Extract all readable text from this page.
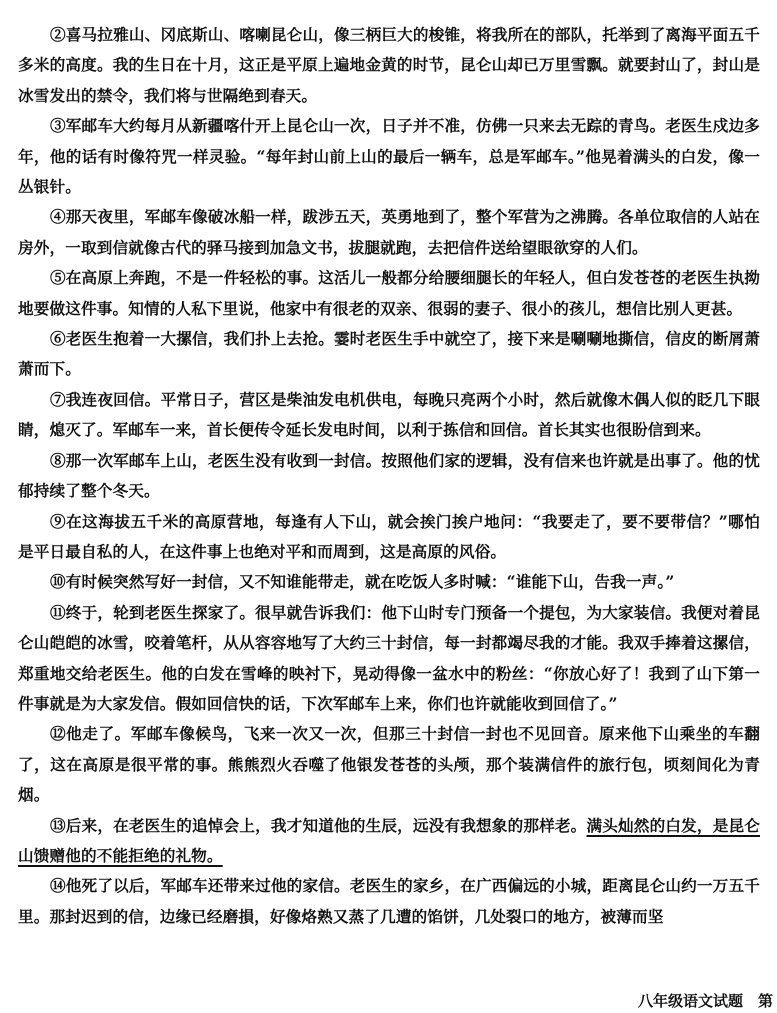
②喜马拉雅山、冈底斯山、喀喇昆仑山，像三柄巨大的梭锥，将我所在的部队，托举到了离海平面五千多米的高度。我的生日在十月，这正是平原上遍地金黄的时节，昆仑山却已万里雪飘。就要封山了，封山是冰雪发出的禁令，我们将与世隔绝到春天。

③军邮车大约每月从新疆喀什开上昆仑山一次，日子并不准，仿佛一只来去无踪的青鸟。老医生戍边多年，他的话有时像符咒一样灵验。“每年封山前上山的最后一辆车，总是军邮车。”他晃着满头的白发，像一丛银针。

④那天夜里，军邮车像破冰船一样，跋涉五天，英勇地到了，整个军营为之沸腾。各单位取信的人站在房外，一取到信就像古代的驿马接到加急文书，拔腿就跑，去把信件送给望眼欲穿的人们。

⑤在高原上奔跑，不是一件轻松的事。这活儿一般都分给腰细腿长的年轻人，但白发苍苍的老医生执拗地要做这件事。知情的人私下里说，他家中有很老的双亲、很弱的妻子、很小的孩儿，想信比别人更甚。

⑥老医生抱着一大摞信，我们扑上去抢。霎时老医生手中就空了，接下来是唰唰地撕信，信皮的断屑萧萧而下。

⑦我连夜回信。平常日子，营区是柴油发电机供电，每晚只亮两个小时，然后就像木偶人似的眨几下眼睛，熄灭了。军邮车一来，首长便传令延长发电时间，以利于拣信和回信。首长其实也很盼信到来。

⑧那一次军邮车上山，老医生没有收到一封信。按照他们家的逻辑，没有信来也许就是出事了。他的忧郁持续了整个冬天。

⑨在这海拔五千米的高原营地，每逢有人下山，就会挨门挨户地问：“我要走了，要不要带信？”哪怕是平日最自私的人，在这件事上也绝对平和而周到，这是高原的风俗。

⑩有时候突然写好一封信，又不知谁能带走，就在吃饭人多时喊：“谁能下山，告我一声。”

⑪终于，轮到老医生探家了。很早就告诉我们：他下山时专门预备一个提包，为大家装信。我便对着昆仑山皑皑的冰雪，咬着笔杆，从从容容地写了大约三十封信，每一封都竭尽我的才能。我双手捧着这摞信，郑重地交给老医生。他的白发在雪峰的映衬下，晃动得像一盆水中的粉丝：“你放心好了！我到了山下第一件事就是为大家发信。假如回信快的话，下次军邮车上来，你们也许就能收到回信了。”

⑫他走了。军邮车像候鸟，飞来一次又一次，但那三十封信一封也不见回音。原来他下山乘坐的车翻了，这在高原是很平常的事。熊熊烈火吞噬了他银发苍苍的头颅，那个装满信件的旅行包，顷刻间化为青烟。

⑬后来，在老医生的追悼会上，我才知道他的生辰，远没有我想象的那样老。满头灿然的白发，是昆仑山馈赠他的不能拒绝的礼物。

⑭他死了以后，军邮车还带来过他的家信。老医生的家乡，在广西偏远的小城，距离昆仑山约一万五千里。那封迟到的信，边缘已经磨損，好像烙熟又蒸了几遭的馅饼，几处裂口的地方，被薄而坚

八年级语文试题　第
